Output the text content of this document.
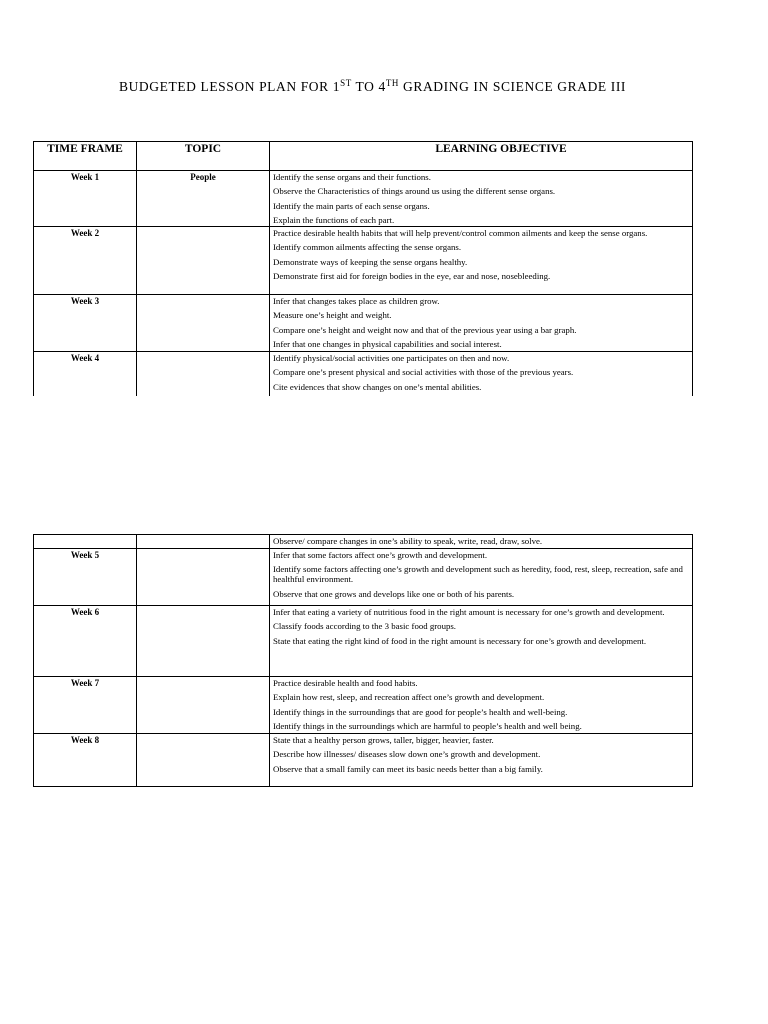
BUDGETED LESSON PLAN FOR 1ST TO 4TH GRADING IN SCIENCE GRADE III
TIME FRAME	TOPIC	LEARNING OBJECTIVE
Week 1	People	Identify the sense organs and their functions.
Observe the Characteristics of things around us using the different sense organs.
Identify the main parts of each sense organs.
Explain the functions of each part.

Week 2		Practice desirable health habits that will help prevent/control common ailments and keep the sense organs.
Identify common ailments affecting the sense organs.
Demonstrate ways of keeping the sense organs healthy.
Demonstrate first aid for foreign bodies in the eye, ear and nose, nosebleeding.

Week 3		Infer that changes takes place as children grow.
Measure one’s height and weight.
Compare one’s height and weight now and that of the previous year using a bar graph.
Infer that one changes in physical capabilities and social interest.

Week 4		Identify physical/social activities one participates on then and now.
Compare one’s present physical and social activities with those of the previous years.
Cite evidences that show changes on one’s mental abilities.

		Observe/ compare changes in one’s ability to speak, write, read, draw, solve.

Week 5		Infer that some factors affect one’s growth and development.
Identify some factors affecting one’s growth and development such as heredity, food, rest, sleep, recreation, safe and healthful environment.
Observe that one grows and develops like one or both of his parents.

Week 6		Infer that eating a variety of nutritious food in the right amount is necessary for one’s growth and development.
Classify foods according to the 3 basic food groups.
State that eating the right kind of food in the right amount is necessary for one’s growth and development.

Week 7		Practice desirable health and food habits.
Explain how rest, sleep, and recreation affect one’s growth and development.
Identify things in the surroundings that are good for people’s health and well-being.
Identify things in the surroundings which are harmful to people’s health and well being.

Week 8		State that a healthy person grows, taller, bigger, heavier, faster.
Describe how illnesses/ diseases slow down one’s growth and development.
Observe that a small family can meet its basic needs better than a big family.
